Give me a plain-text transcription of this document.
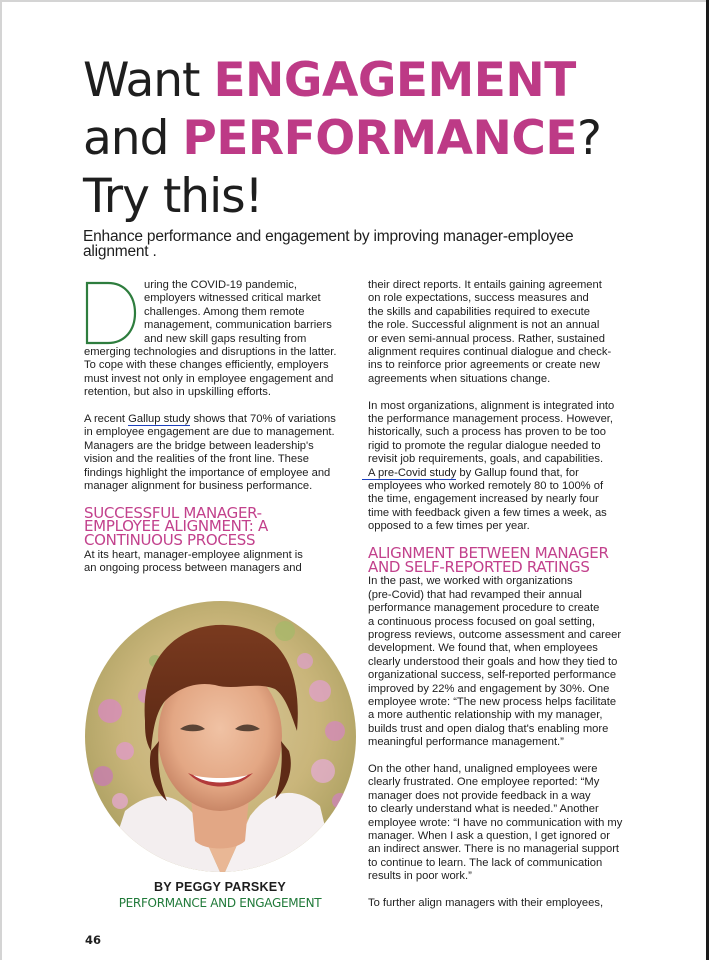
Want ENGAGEMENT
and PERFORMANCE?
Try this!

Enhance performance and engagement by improving manager-employee
alignment .

uring the COVID-19 pandemic,
employers witnessed critical market
challenges. Among them remote
management, communication barriers
and new skill gaps resulting from
emerging technologies and disruptions in the latter.
To cope with these changes efficiently, employers
must invest not only in employee engagement and
retention, but also in upskilling efforts.

A recent Gallup study shows that 70% of variations
in employee engagement are due to management.
Managers are the bridge between leadership's
vision and the realities of the front line. These
findings highlight the importance of employee and
manager alignment for business performance.

SUCCESSFUL MANAGER-
EMPLOYEE ALIGNMENT: A
CONTINUOUS PROCESS

At its heart, manager-employee alignment is
an ongoing process between managers and

BY PEGGY PARSKEY
PERFORMANCE AND ENGAGEMENT
46

their direct reports. It entails gaining agreement
on role expectations, success measures and
the skills and capabilities required to execute
the role. Successful alignment is not an annual
or even semi-annual process. Rather, sustained
alignment requires continual dialogue and check-
ins to reinforce prior agreements or create new
agreements when situations change.

In most organizations, alignment is integrated into
the performance management process. However,
historically, such a process has proven to be too
rigid to promote the regular dialogue needed to
revisit job requirements, goals, and capabilities.
A pre-Covid study
by Gallup found that, for
employees who worked remotely 80 to 100% of
the time, engagement increased by nearly four
time with feedback given a few times a week, as
opposed to a few times per year.

ALIGNMENT BETWEEN MANAGER
AND SELF-REPORTED RATINGS

In the past, we worked with organizations
(pre-Covid) that had revamped their annual
performance management procedure to create
a continuous process focused on goal setting,
progress reviews, outcome assessment and career
development. We found that, when employees
clearly understood their goals and how they tied to
organizational success, self-reported performance
improved by 22% and engagement by 30%. One
employee wrote: “The new process helps facilitate
a more authentic relationship with my manager,
builds trust and open dialog that's enabling more
meaningful performance management.”

On the other hand, unaligned employees were
clearly frustrated. One employee reported: “My
manager does not provide feedback in a way
to clearly understand what is needed.” Another
employee wrote: “I have no communication with my
manager. When I ask a question, I get ignored or
an indirect answer. There is no managerial support
to continue to learn. The lack of communication
results in poor work.”

To further align managers with their employees,
